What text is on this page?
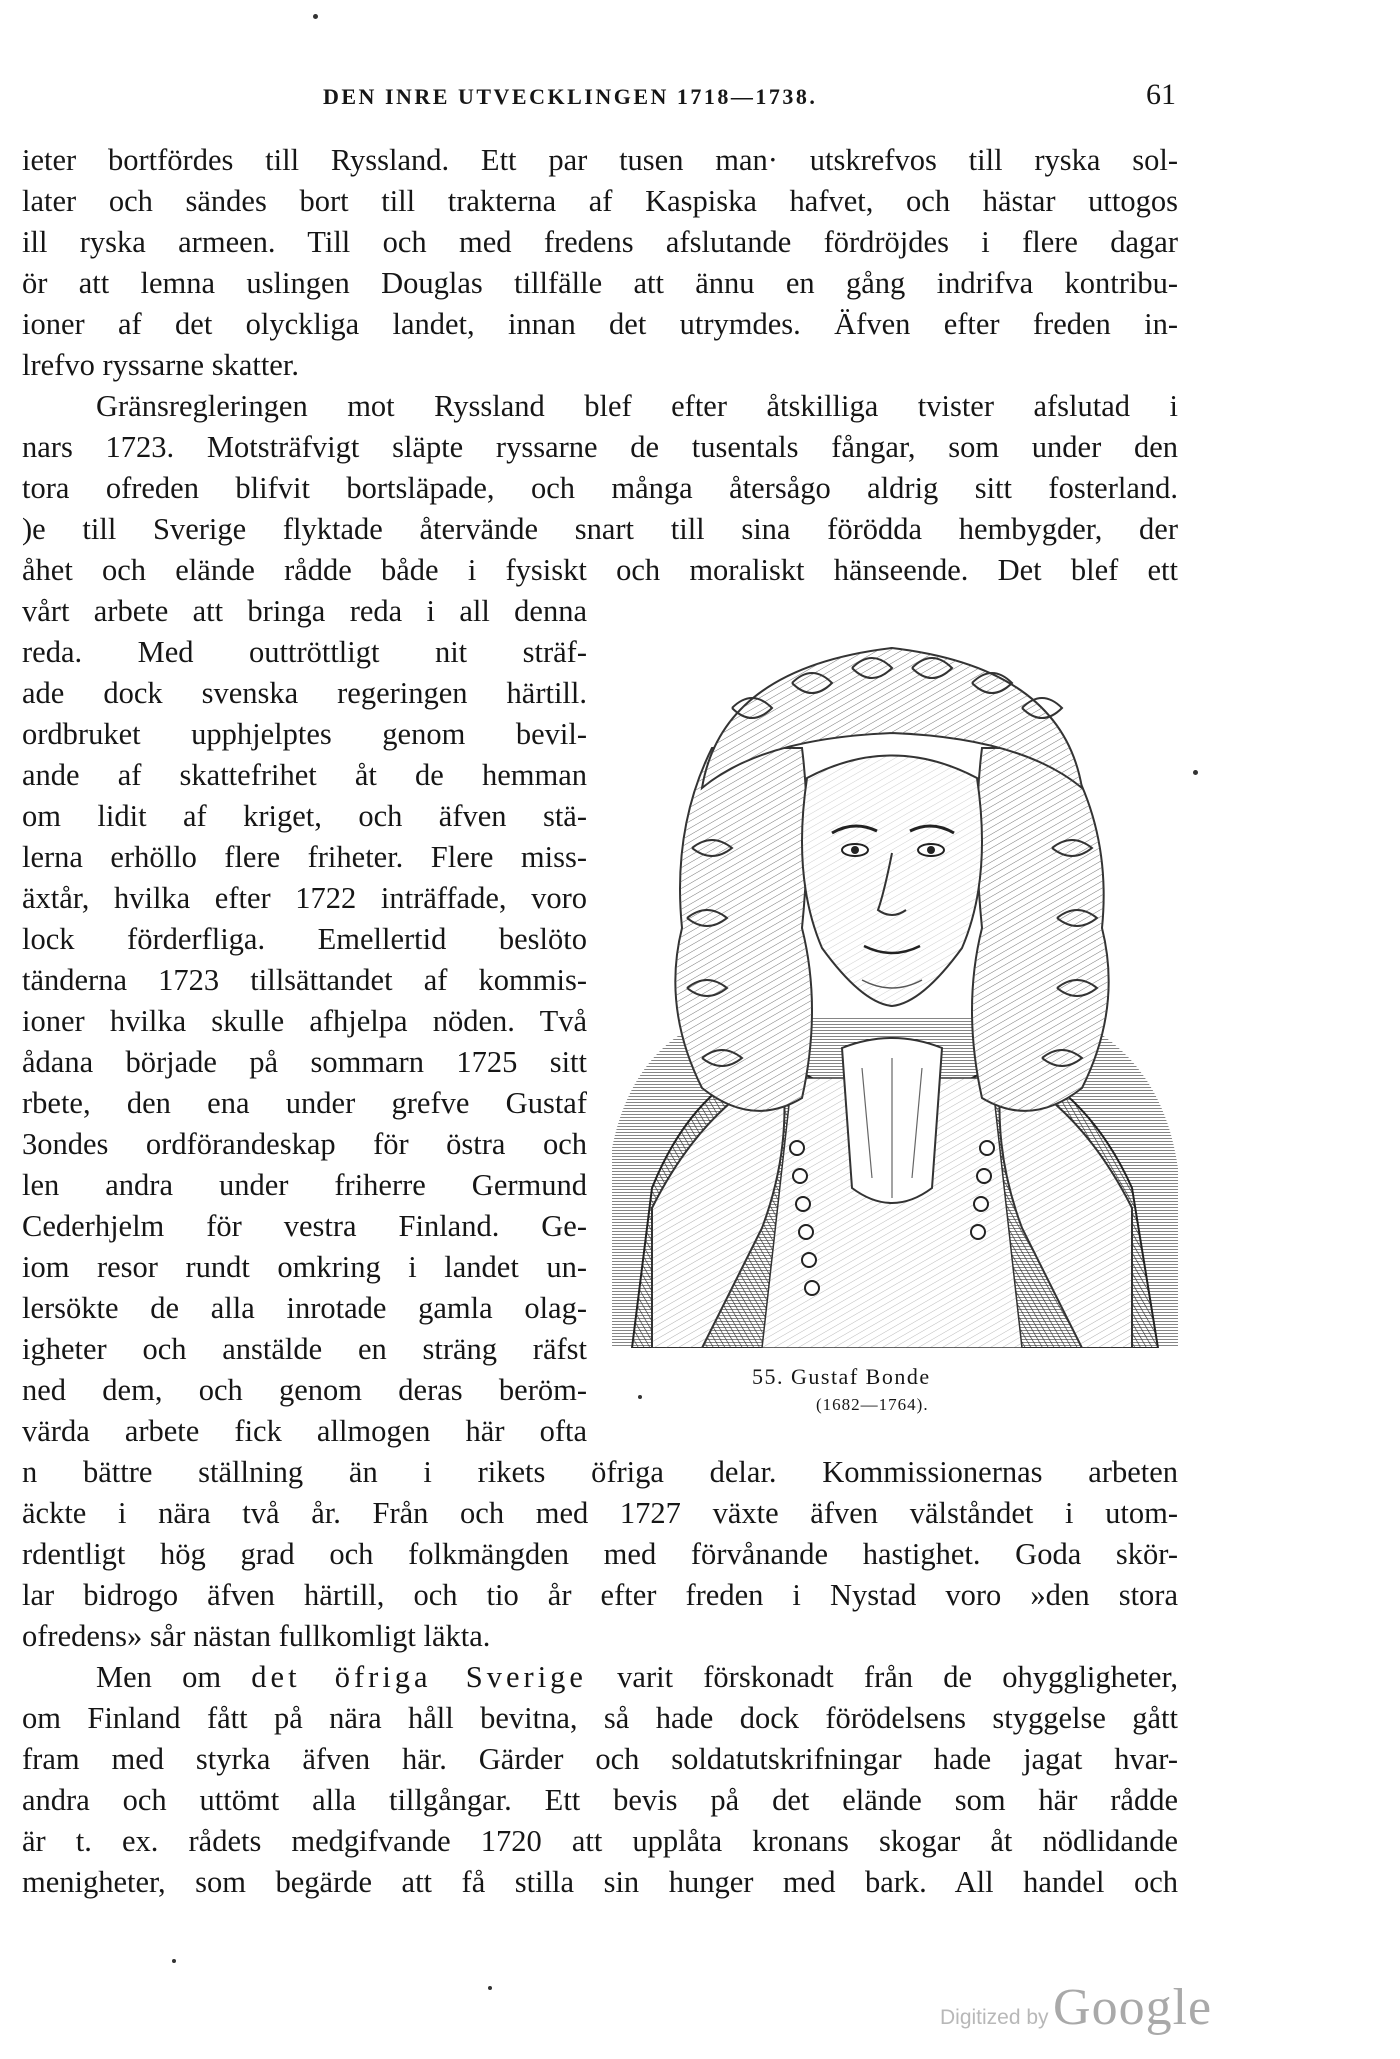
DEN INRE UTVECKLINGEN 1718—1738.	61
ieter bortfördes till Ryssland. Ett par tusen man· utskrefvos till ryska sol-
later och sändes bort till trakterna af Kaspiska hafvet, och hästar uttogos
ill ryska armeen. Till och med fredens afslutande fördröjdes i flere dagar
ör att lemna uslingen Douglas tillfälle att ännu en gång indrifva kontribu-
ioner af det olyckliga landet, innan det utrymdes. Äfven efter freden in-
lrefvo ryssarne skatter.
Gränsregleringen mot Ryssland blef efter åtskilliga tvister afslutad i
nars 1723. Motsträfvigt släpte ryssarne de tusentals fångar, som under den
tora ofreden blifvit bortsläpade, och många återsågo aldrig sitt fosterland.
)e till Sverige flyktade återvände snart till sina förödda hembygder, der
åhet och elände rådde både i fysiskt och moraliskt hänseende. Det blef ett
vårt arbete att bringa reda i all denna
reda. Med outtröttligt nit sträf-
ade dock svenska regeringen härtill.
ordbruket upphjelptes genom bevil-
ande af skattefrihet åt de hemman
om lidit af kriget, och äfven stä-
lerna erhöllo flere friheter. Flere miss-
äxtår, hvilka efter 1722 inträffade, voro
lock förderfliga. Emellertid beslöto
tänderna 1723 tillsättandet af kommis-
ioner hvilka skulle afhjelpa nöden. Två
ådana började på sommarn 1725 sitt
rbete, den ena under grefve Gustaf
3ondes ordförandeskap för östra och
len andra under friherre Germund
Cederhjelm för vestra Finland. Ge-
iom resor rundt omkring i landet un-
lersökte de alla inrotade gamla olag-
igheter och anstälde en sträng räfst
ned dem, och genom deras beröm-
värda arbete fick allmogen här ofta
55. Gustaf Bonde
(1682—1764).
n bättre ställning än i rikets öfriga delar. Kommissionernas arbeten
äckte i nära två år. Från och med 1727 växte äfven välståndet i utom-
rdentligt hög grad och folkmängden med förvånande hastighet. Goda skör-
lar bidrogo äfven härtill, och tio år efter freden i Nystad voro »den stora
ofredens» sår nästan fullkomligt läkta.
Men om det öfriga Sverige varit förskonadt från de ohyggligheter,
om Finland fått på nära håll bevitna, så hade dock förödelsens styggelse gått
fram med styrka äfven här. Gärder och soldatutskrifningar hade jagat hvar-
andra och uttömt alla tillgångar. Ett bevis på det elände som här rådde
är t. ex. rådets medgifvande 1720 att upplåta kronans skogar åt nödlidande
menigheter, som begärde att få stilla sin hunger med bark. All handel och
Digitized by Google
